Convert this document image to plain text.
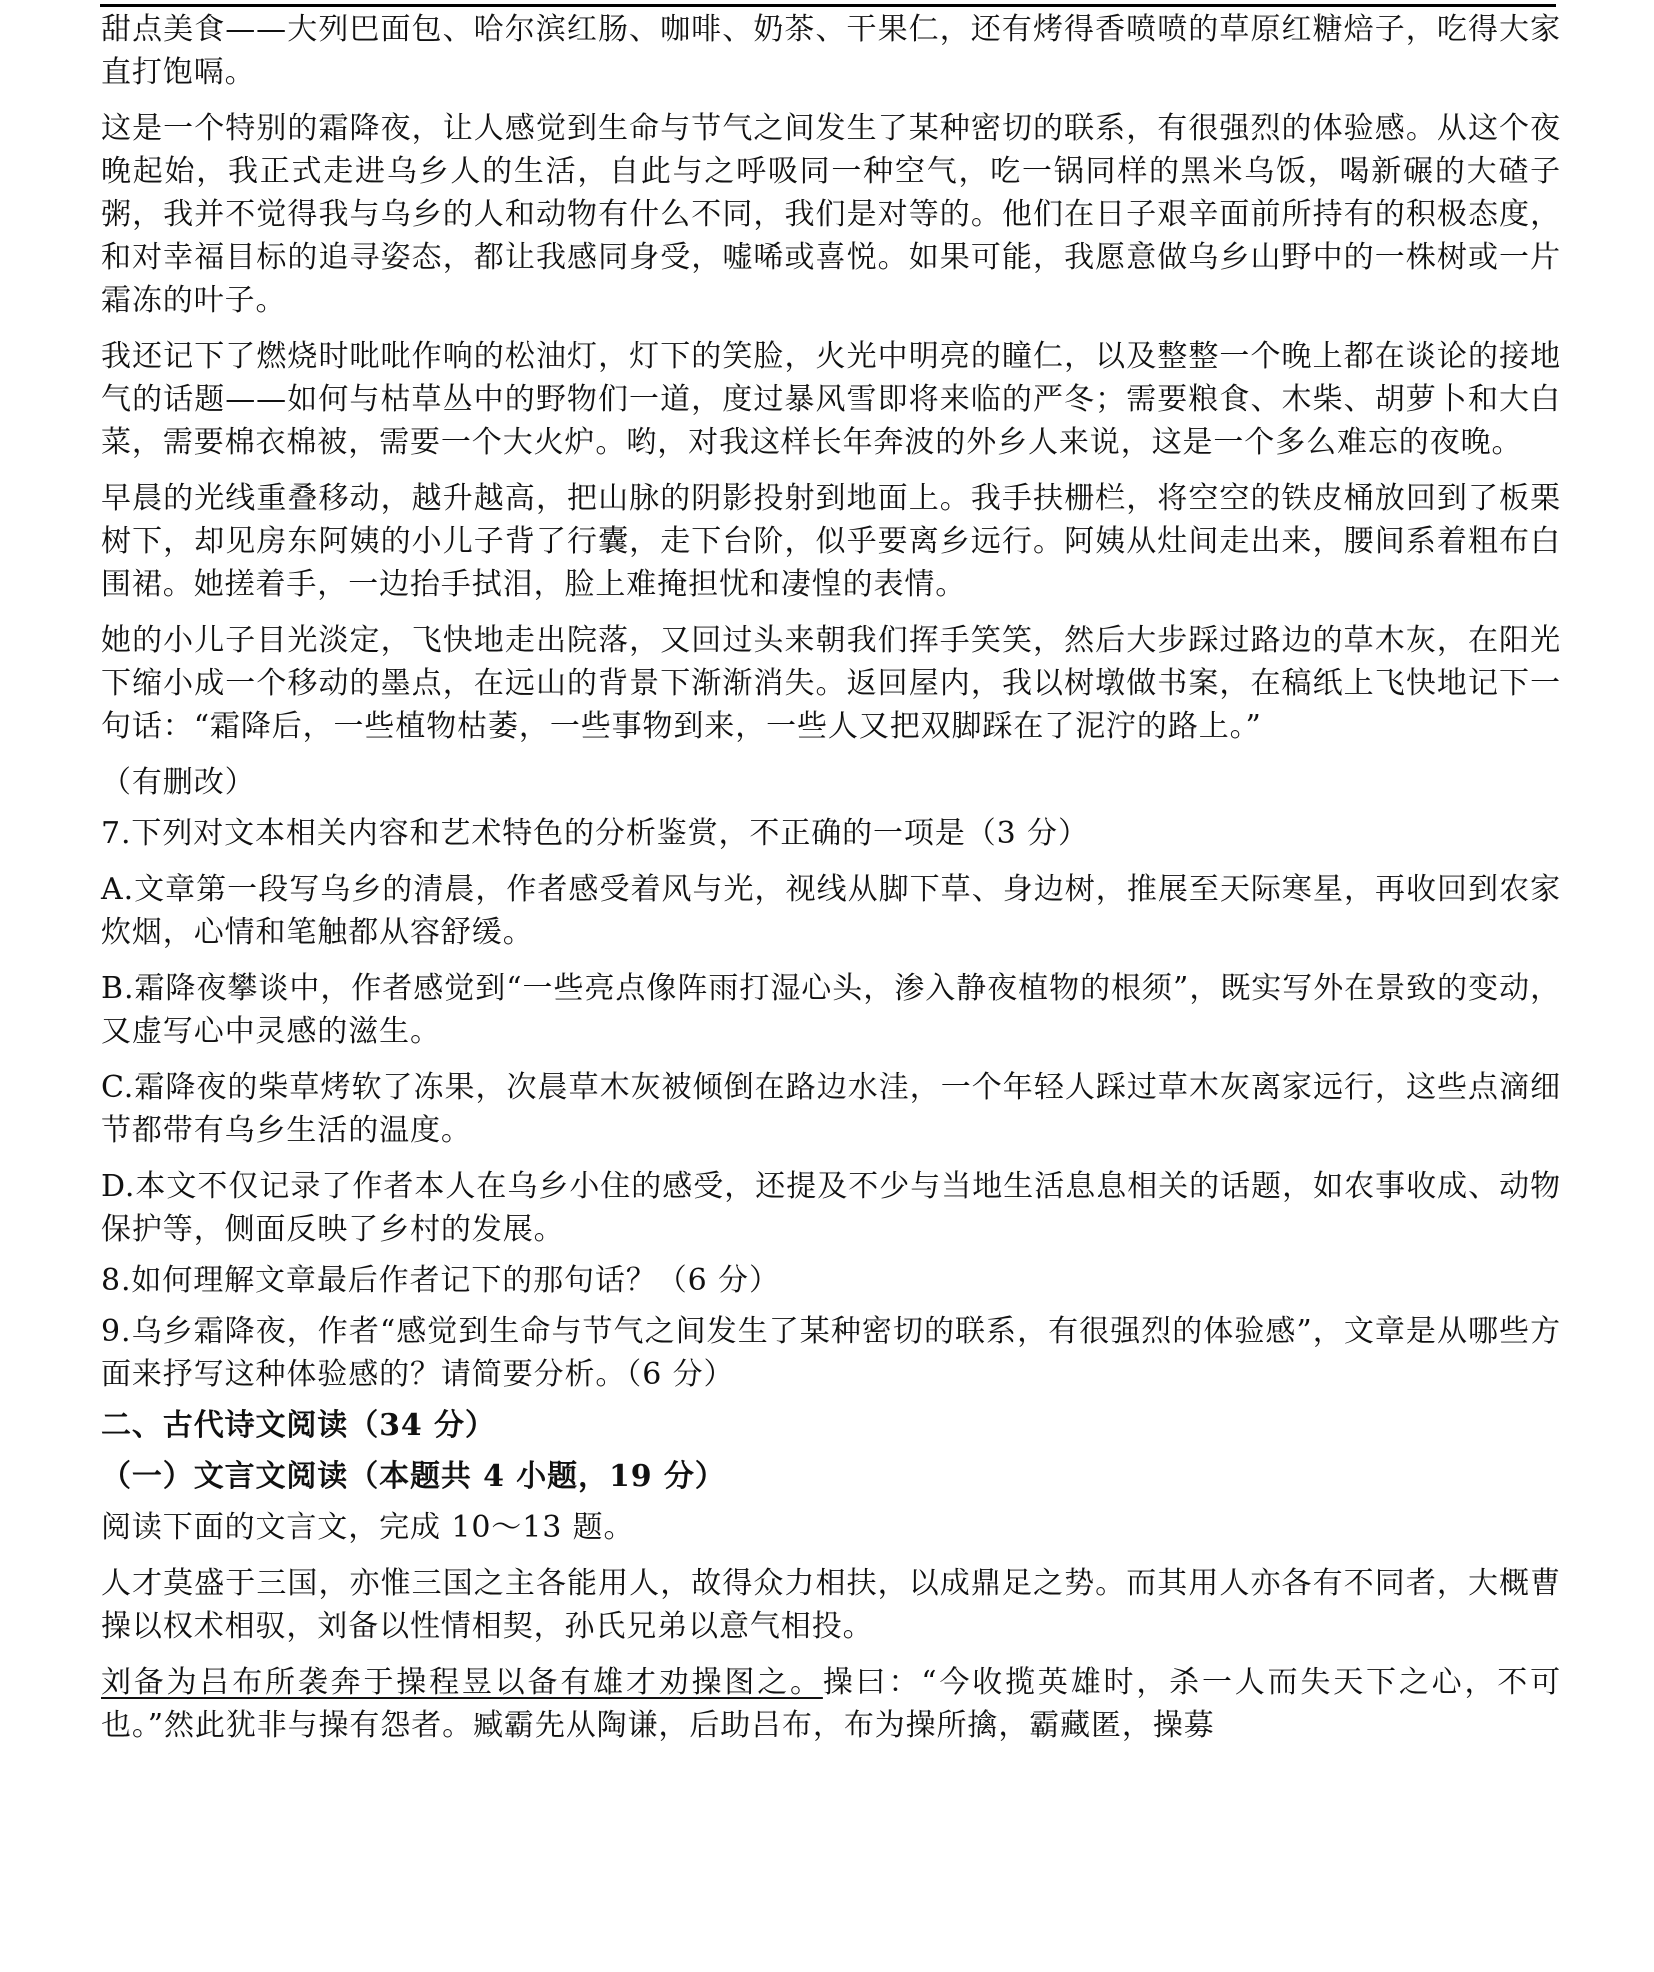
甜点美食——大列巴面包、哈尔滨红肠、咖啡、奶茶、干果仁，还有烤得香喷喷的草原红糖焙子，吃得大家直打饱嗝。

这是一个特别的霜降夜，让人感觉到生命与节气之间发生了某种密切的联系，有很强烈的体验感。从这个夜晚起始，我正式走进乌乡人的生活，自此与之呼吸同一种空气，吃一锅同样的黑米乌饭，喝新碾的大碴子粥，我并不觉得我与乌乡的人和动物有什么不同，我们是对等的。他们在日子艰辛面前所持有的积极态度，和对幸福目标的追寻姿态，都让我感同身受，嘘唏或喜悦。如果可能，我愿意做乌乡山野中的一株树或一片霜冻的叶子。

我还记下了燃烧时吡吡作响的松油灯，灯下的笑脸，火光中明亮的瞳仁，以及整整一个晚上都在谈论的接地气的话题——如何与枯草丛中的野物们一道，度过暴风雪即将来临的严冬；需要粮食、木柴、胡萝卜和大白菜，需要棉衣棉被，需要一个大火炉。哟，对我这样长年奔波的外乡人来说，这是一个多么难忘的夜晚。

早晨的光线重叠移动，越升越高，把山脉的阴影投射到地面上。我手扶栅栏，将空空的铁皮桶放回到了板栗树下，却见房东阿姨的小儿子背了行囊，走下台阶，似乎要离乡远行。阿姨从灶间走出来，腰间系着粗布白围裙。她搓着手，一边抬手拭泪，脸上难掩担忧和凄惶的表情。

她的小儿子目光淡定，飞快地走出院落，又回过头来朝我们挥手笑笑，然后大步踩过路边的草木灰，在阳光下缩小成一个移动的墨点，在远山的背景下渐渐消失。返回屋内，我以树墩做书案，在稿纸上飞快地记下一句话：“霜降后，一些植物枯萎，一些事物到来，一些人又把双脚踩在了泥泞的路上。”

（有删改）

7.下列对文本相关内容和艺术特色的分析鉴赏，不正确的一项是（3 分）

A.文章第一段写乌乡的清晨，作者感受着风与光，视线从脚下草、身边树，推展至天际寒星，再收回到农家炊烟，心情和笔触都从容舒缓。

B.霜降夜攀谈中，作者感觉到“一些亮点像阵雨打湿心头，渗入静夜植物的根须”，既实写外在景致的变动，又虚写心中灵感的滋生。

C.霜降夜的柴草烤软了冻果，次晨草木灰被倾倒在路边水洼，一个年轻人踩过草木灰离家远行，这些点滴细节都带有乌乡生活的温度。

D.本文不仅记录了作者本人在乌乡小住的感受，还提及不少与当地生活息息相关的话题，如农事收成、动物保护等，侧面反映了乡村的发展。

8.如何理解文章最后作者记下的那句话？（6 分）

9.乌乡霜降夜，作者“感觉到生命与节气之间发生了某种密切的联系，有很强烈的体验感”，文章是从哪些方面来抒写这种体验感的？请简要分析。（6 分）

二、古代诗文阅读（34 分）

（一）文言文阅读（本题共 4 小题，19 分）

阅读下面的文言文，完成 10～13 题。

人才莫盛于三国，亦惟三国之主各能用人，故得众力相扶，以成鼎足之势。而其用人亦各有不同者，大概曹操以权术相驭，刘备以性情相契，孙氏兄弟以意气相投。

刘备为吕布所袭奔于操程昱以备有雄才劝操图之。操曰：“今收揽英雄时，杀一人而失天下之心，不可也。”然此犹非与操有怨者。臧霸先从陶谦，后助吕布，布为操所擒，霸藏匿，操募
